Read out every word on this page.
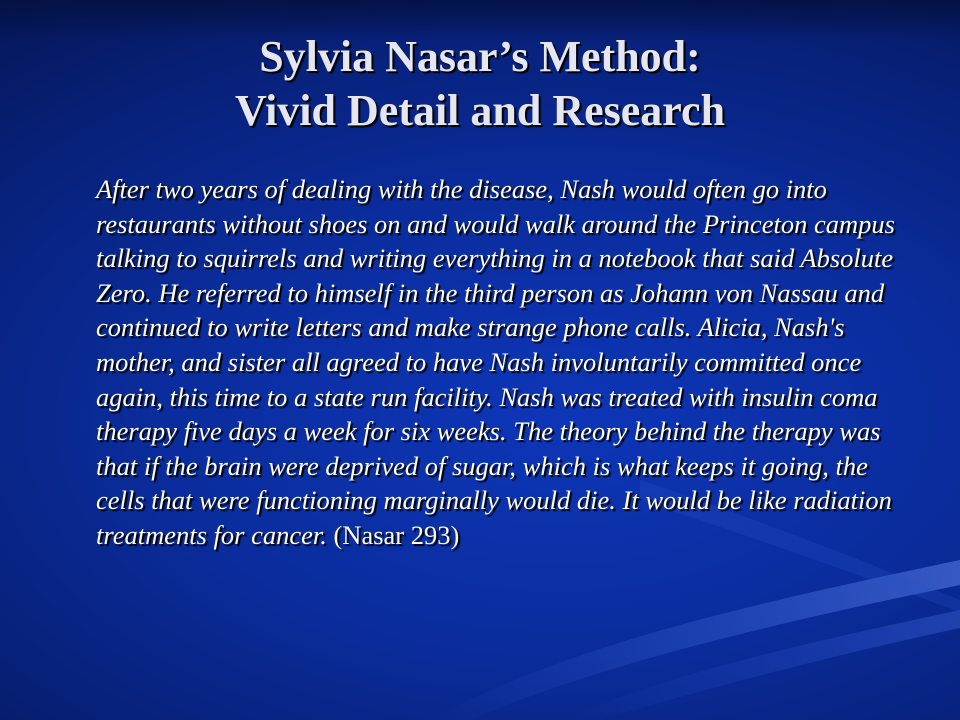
Sylvia Nasar’s Method:
Vivid Detail and Research

After two years of dealing with the disease, Nash would often go into restaurants without shoes on and would walk around the Princeton campus talking to squirrels and writing everything in a notebook that said Absolute Zero. He referred to himself in the third person as Johann von Nassau and continued to write letters and make strange phone calls. Alicia, Nash's mother, and sister all agreed to have Nash involuntarily committed once again, this time to a state run facility. Nash was treated with insulin coma therapy five days a week for six weeks. The theory behind the therapy was that if the brain were deprived of sugar, which is what keeps it going, the cells that were functioning marginally would die. It would be like radiation treatments for cancer. (Nasar 293)
